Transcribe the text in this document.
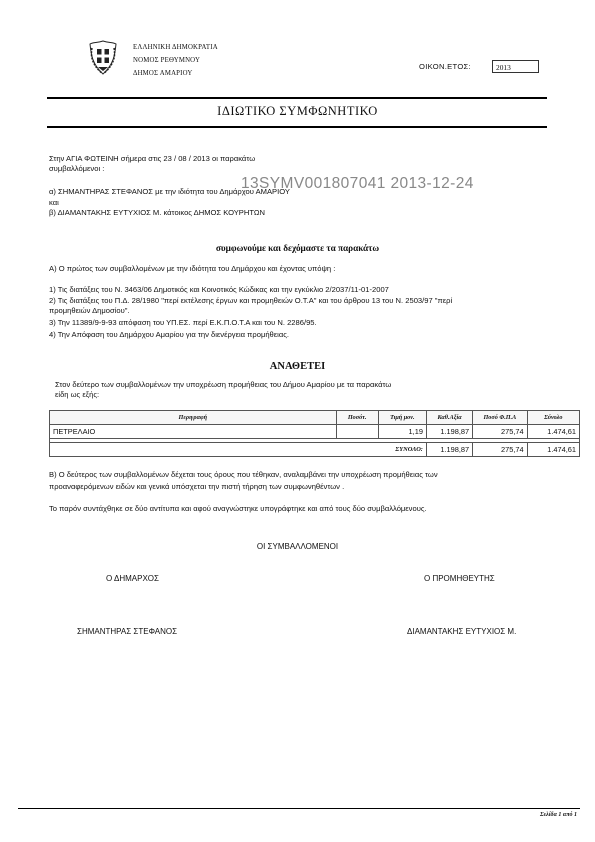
ΕΛΛΗΝΙΚΗ ΔΗΜΟΚΡΑΤΙΑ
ΝΟΜΟΣ ΡΕΘΥΜΝΟΥ
ΔΗΜΟΣ ΑΜΑΡΙΟΥ
ΟΙΚΟΝ.ΕΤΟΣ:	2013
ΙΔΙΩΤΙΚΟ ΣΥΜΦΩΝΗΤΙΚΟ
Στην ΑΓΙΑ ΦΩΤΕΙΝΗ σήμερα στις 23 / 08 / 2013 οι παρακάτω
συμβαλλόμενοι :
α) ΣΗΜΑΝΤΗΡΑΣ ΣΤΕΦΑΝΟΣ με την ιδιότητα του Δημάρχου ΑΜΑΡΙΟΥ
και
β) ΔΙΑΜΑΝΤΑΚΗΣ ΕΥΤΥΧΙΟΣ Μ. κάτοικος ΔΗΜΟΣ ΚΟΥΡΗΤΩΝ
13SYMV001807041 2013-12-24
συμφωνούμε και δεχόμαστε τα παρακάτω
Α) Ο πρώτος των συμβαλλομένων με την ιδιότητα του Δημάρχου και έχοντας υπόψη :
1) Τις διατάξεις του Ν. 3463/06 Δημοτικός και Κοινοτικός Κώδικας και την εγκύκλιο 2/2037/11-01-2007
2) Τις διατάξεις του Π.Δ. 28/1980 "περί εκτέλεσης έργων και προμηθειών Ο.Τ.Α" και του άρθρου 13 του Ν. 2503/97 "περί
προμηθειών Δημοσίου".
3) Την 11389/9-9-93 απόφαση του ΥΠ.ΕΣ. περί Ε.Κ.Π.Ο.Τ.Α και του Ν. 2286/95.
4) Την Απόφαση του Δημάρχου Αμαρίου για την διενέργεια προμήθειας.
ΑΝΑΘΕΤΕΙ
Στον δεύτερο των συμβαλλομένων την υποχρέωση προμήθειας του Δήμου Αμαρίου με τα παρακάτω
είδη ως εξής:
Περιγραφή	Ποσότ.	Τιμή μον.	Καθ.Αξία	Ποσό Φ.Π.Α	Σύνολο
ΠΕΤΡΕΛΑΙΟ		1,19	1.198,87	275,74	1.474,61

ΣΥΝΟΛΟ:			1.198,87	275,74	1.474,61
Β) Ο δεύτερος των συμβαλλομένων δέχεται τους όρους που τέθηκαν, αναλαμβάνει την υποχρέωση προμήθειας των
προαναφερόμενων ειδών και γενικά υπόσχεται την πιστή τήρηση των συμφωνηθέντων .
Το παρόν συντάχθηκε σε δύο αντίτυπα και αφού αναγνώστηκε υπογράφτηκε και από τους δύο συμβαλλόμενους.
ΟΙ ΣΥΜΒΑΛΛΟΜΕΝΟΙ
Ο ΔΗΜΑΡΧΟΣ	Ο ΠΡΟΜΗΘΕΥΤΗΣ
ΣΗΜΑΝΤΗΡΑΣ ΣΤΕΦΑΝΟΣ	ΔΙΑΜΑΝΤΑΚΗΣ ΕΥΤΥΧΙΟΣ Μ.
Σελίδα 1 από 1
